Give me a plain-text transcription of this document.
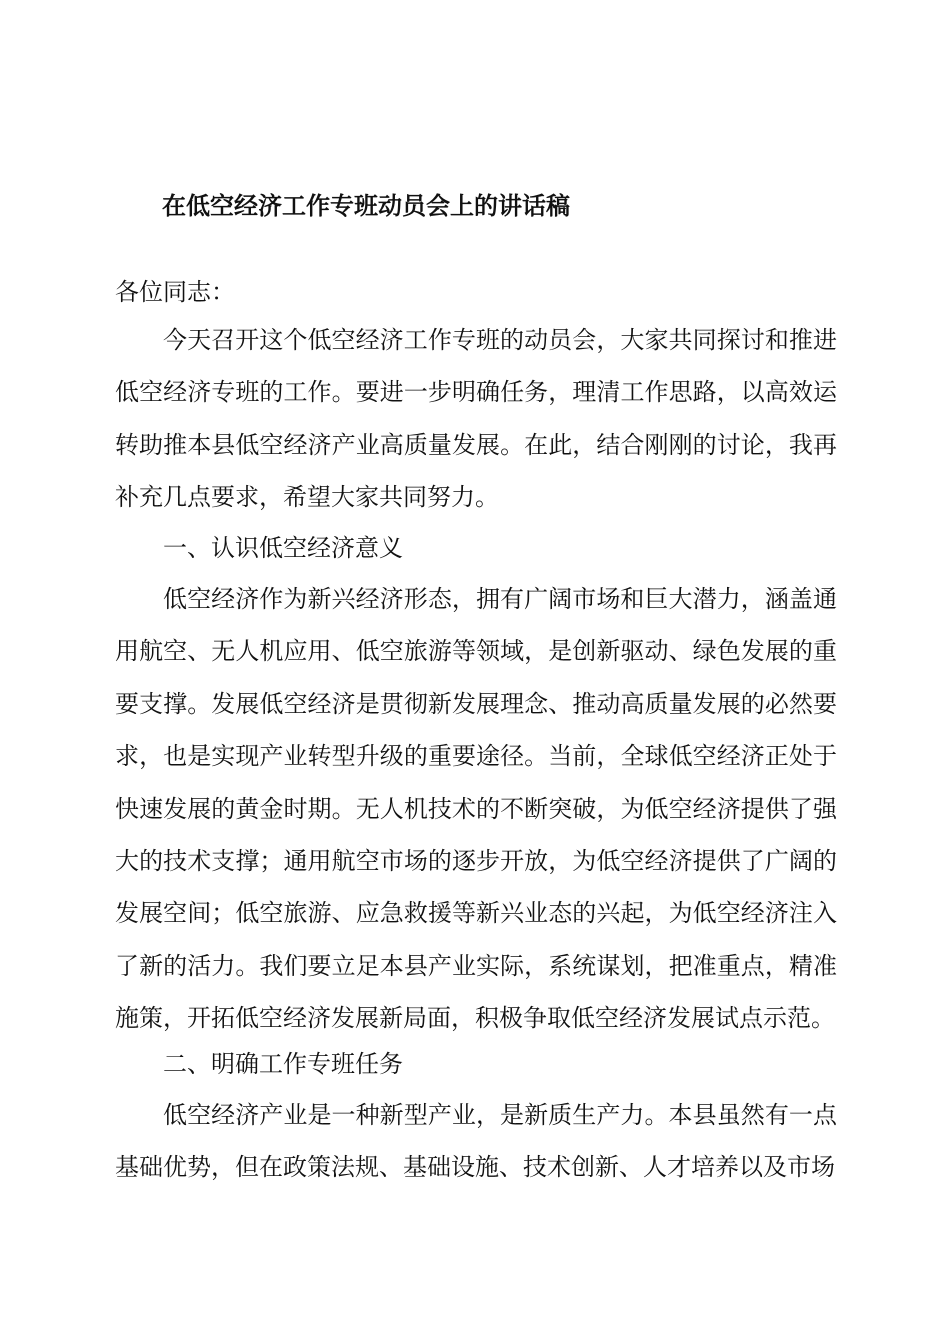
在低空经济工作专班动员会上的讲话稿
各位同志：

今天召开这个低空经济工作专班的动员会，大家共同探讨和推进低空经济专班的工作。要进一步明确任务，理清工作思路，以高效运转助推本县低空经济产业高质量发展。在此，结合刚刚的讨论，我再补充几点要求，希望大家共同努力。

一、认识低空经济意义

低空经济作为新兴经济形态，拥有广阔市场和巨大潜力，涵盖通用航空、无人机应用、低空旅游等领域，是创新驱动、绿色发展的重要支撑。发展低空经济是贯彻新发展理念、推动高质量发展的必然要求，也是实现产业转型升级的重要途径。当前，全球低空经济正处于快速发展的黄金时期。无人机技术的不断突破，为低空经济提供了强大的技术支撑；通用航空市场的逐步开放，为低空经济提供了广阔的发展空间；低空旅游、应急救援等新兴业态的兴起，为低空经济注入了新的活力。我们要立足本县产业实际，系统谋划，把准重点，精准施策，开拓低空经济发展新局面，积极争取低空经济发展试点示范。

二、明确工作专班任务

低空经济产业是一种新型产业，是新质生产力。本县虽然有一点基础优势，但在政策法规、基础设施、技术创新、人才培养以及市场
